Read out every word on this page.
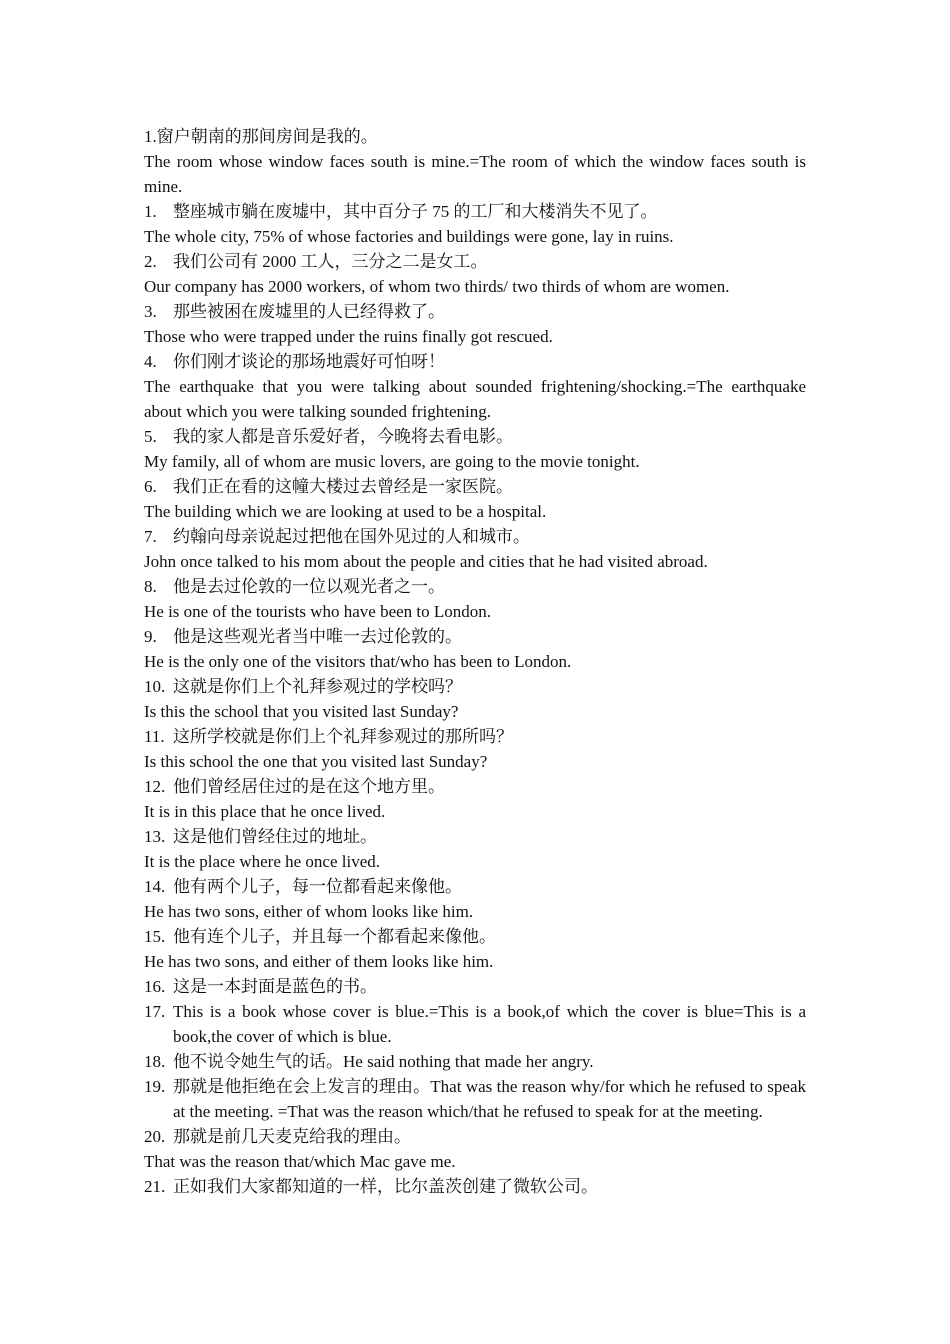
1.窗户朝南的那间房间是我的。

The room whose window faces south is mine.=The room of which the window faces south is mine.

1. 整座城市躺在废墟中，其中百分子 75 的工厂和大楼消失不见了。

The whole city, 75% of whose factories and buildings were gone, lay in ruins.

2. 我们公司有 2000 工人，三分之二是女工。

Our company has 2000 workers, of whom two thirds/ two thirds of whom are women.

3. 那些被困在废墟里的人已经得救了。

Those who were trapped under the ruins finally got rescued.

4. 你们刚才谈论的那场地震好可怕呀！

The earthquake that you were talking about sounded frightening/shocking.=The earthquake about which you were talking sounded frightening.

5. 我的家人都是音乐爱好者，今晚将去看电影。

My family, all of whom are music lovers, are going to the movie tonight.

6. 我们正在看的这幢大楼过去曾经是一家医院。

The building which we are looking at used to be a hospital.

7. 约翰向母亲说起过把他在国外见过的人和城市。

John once talked to his mom about the people and cities that he had visited abroad.

8. 他是去过伦敦的一位以观光者之一。

He is one of the tourists who have been to London.

9. 他是这些观光者当中唯一去过伦敦的。

He is the only one of the visitors that/who has been to London.

10. 这就是你们上个礼拜参观过的学校吗？

Is this the school that you visited last Sunday?

11. 这所学校就是你们上个礼拜参观过的那所吗？

Is this school the one that you visited last Sunday?

12. 他们曾经居住过的是在这个地方里。

It is in this place that he once lived.

13. 这是他们曾经住过的地址。

It is the place where he once lived.

14. 他有两个儿子，每一位都看起来像他。

He has two sons, either of whom looks like him.

15. 他有连个儿子，并且每一个都看起来像他。

He has two sons, and either of them looks like him.

16. 这是一本封面是蓝色的书。
17. This is a book whose cover is blue.=This is a book,of which the cover is blue=This is a book,the cover of which is blue.
18. 他不说令她生气的话。He said nothing that made her angry.
19. 那就是他拒绝在会上发言的理由。That was the reason why/for which he refused to speak at the meeting. =That was the reason which/that he refused to speak for at the meeting.
20. 那就是前几天麦克给我的理由。

That was the reason that/which Mac gave me.

21. 正如我们大家都知道的一样，比尔盖茨创建了微软公司。
